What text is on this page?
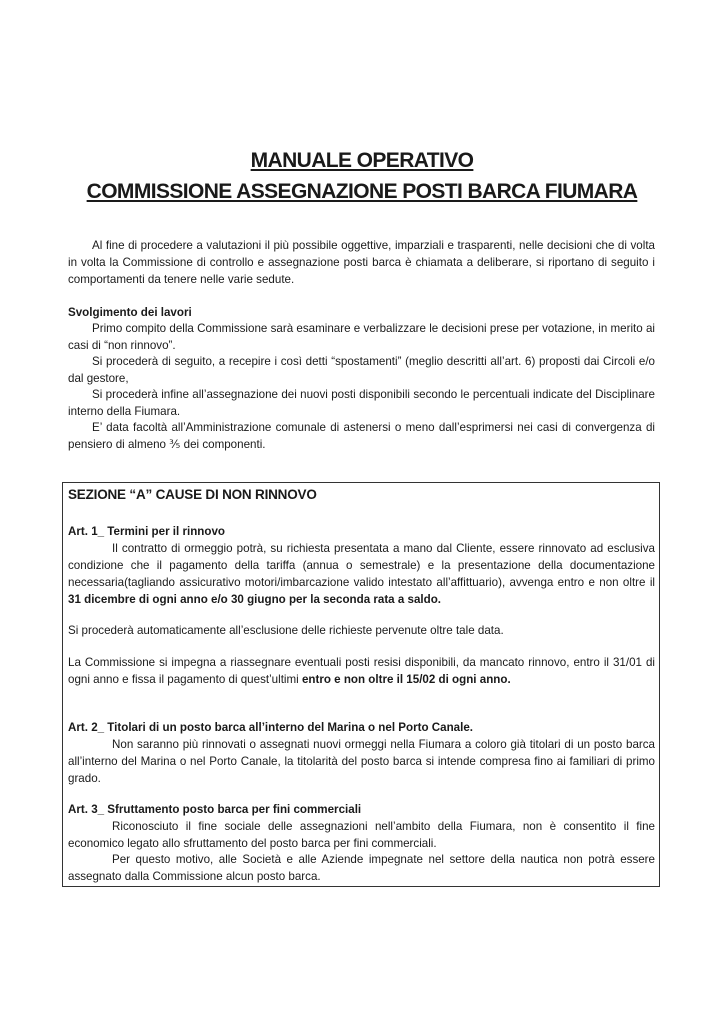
MANUALE OPERATIVO
COMMISSIONE ASSEGNAZIONE POSTI BARCA FIUMARA

Al fine di procedere a valutazioni il più possibile oggettive, imparziali e trasparenti, nelle decisioni che di volta in volta la Commissione di controllo e assegnazione posti barca è chiamata a deliberare, si riportano di seguito i comportamenti da tenere nelle varie sedute.

Svolgimento dei lavori

Primo compito della Commissione sarà esaminare e verbalizzare le decisioni prese per votazione, in merito ai casi di “non rinnovo”.

Si procederà di seguito, a recepire i così detti “spostamenti” (meglio descritti all’art. 6) proposti dai Circoli e/o dal gestore,

Si procederà infine all’assegnazione dei nuovi posti disponibili secondo le percentuali indicate del Disciplinare interno della Fiumara.

E’ data facoltà all’Amministrazione comunale di astenersi o meno dall’esprimersi nei casi di convergenza di pensiero di almeno ⅗ dei componenti.

SEZIONE “A” CAUSE DI NON RINNOVO

Art. 1_ Termini per il rinnovo

Il contratto di ormeggio potrà, su richiesta presentata a mano dal Cliente, essere rinnovato ad esclusiva condizione che il pagamento della tariffa (annua o semestrale) e la presentazione della documentazione necessaria(tagliando assicurativo motori/imbarcazione valido intestato all’affittuario), avvenga entro e non oltre il 31 dicembre di ogni anno e/o 30 giugno per la seconda rata a saldo.

Si procederà automaticamente all’esclusione delle richieste pervenute oltre tale data.

La Commissione si impegna a riassegnare eventuali posti resisi disponibili, da mancato rinnovo, entro il 31/01 di ogni anno e fissa il pagamento di quest’ultimi entro e non oltre il 15/02 di ogni anno.

Art. 2_ Titolari di un posto barca all’interno del Marina o nel Porto Canale.

Non saranno più rinnovati o assegnati nuovi ormeggi nella Fiumara a coloro già titolari di un posto barca all’interno del Marina o nel Porto Canale, la titolarità del posto barca si intende compresa fino ai familiari di primo grado.

Art. 3_ Sfruttamento posto barca per fini commerciali

Riconosciuto il fine sociale delle assegnazioni nell’ambito della Fiumara, non è consentito il fine economico legato allo sfruttamento del posto barca per fini commerciali.

Per questo motivo, alle Società e alle Aziende impegnate nel settore della nautica non potrà essere assegnato dalla Commissione alcun posto barca.
